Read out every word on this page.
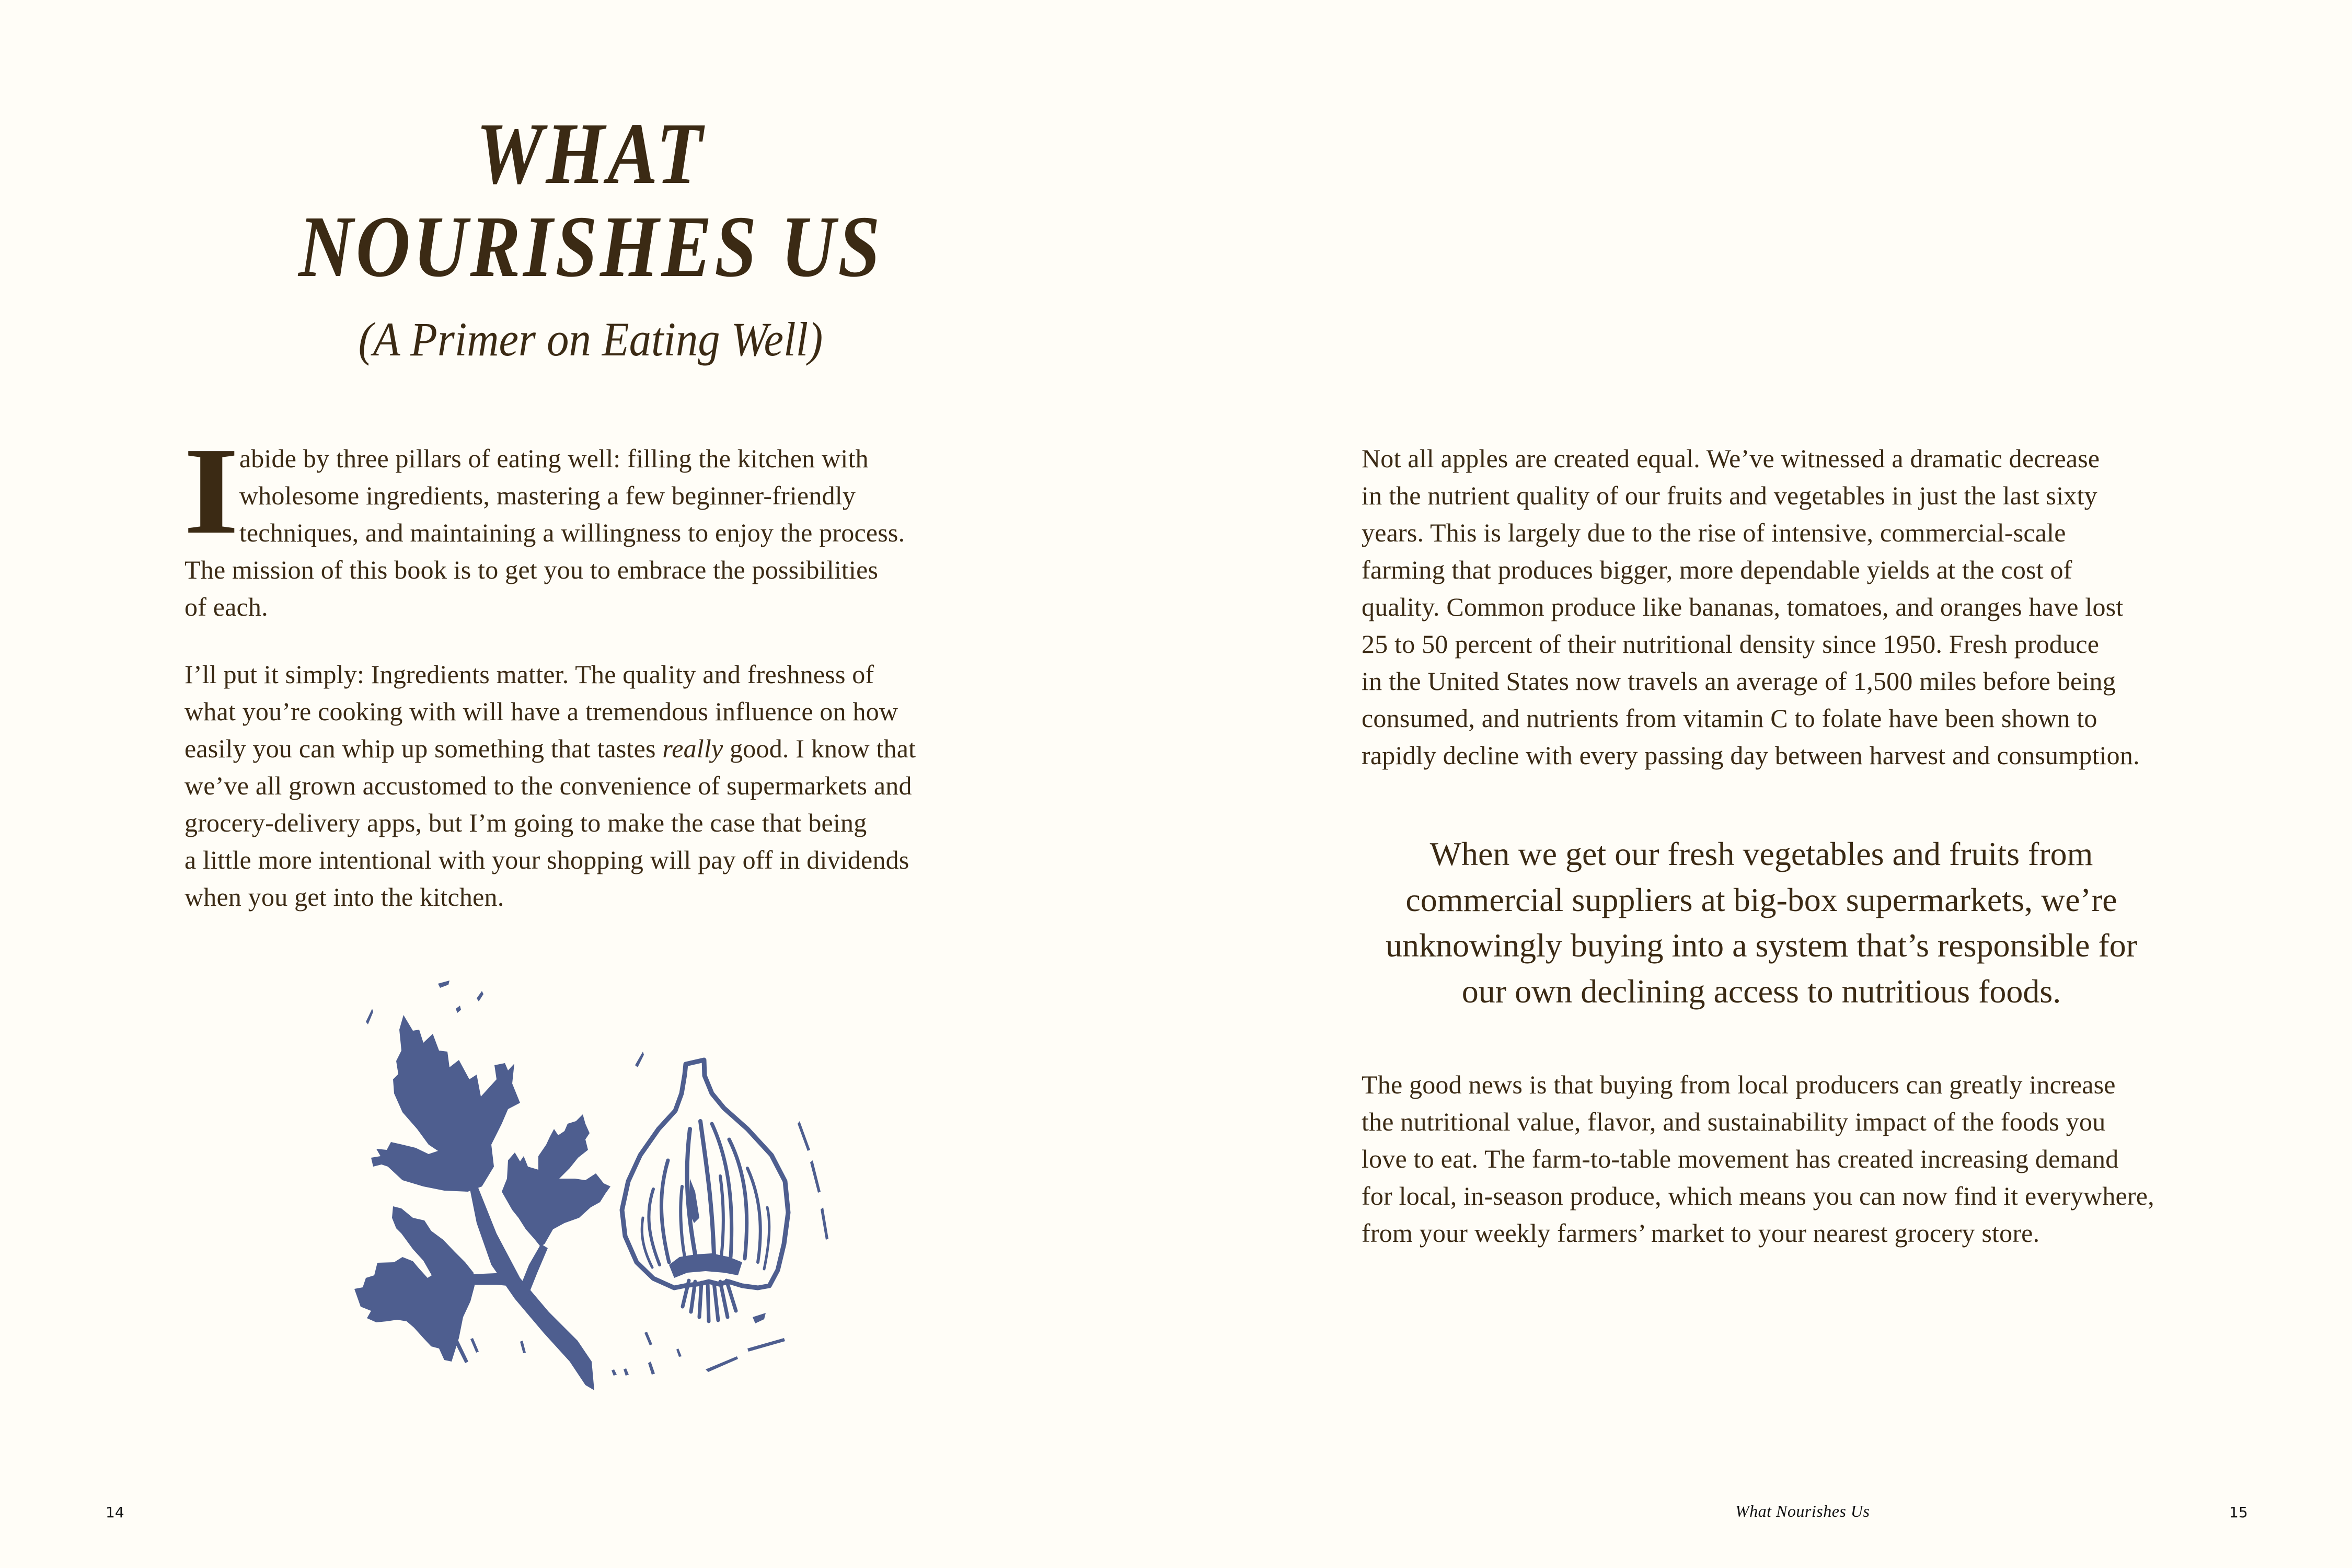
WHAT
NOURISHES US
(A Primer on Eating Well)

I abide by three pillars of eating well: filling the kitchen with
wholesome ingredients, mastering a few beginner-friendly
techniques, and maintaining a willingness to enjoy the process.
The mission of this book is to get you to embrace the possibilities
of each.

I’ll put it simply: Ingredients matter. The quality and freshness of
what you’re cooking with will have a tremendous influence on how
easily you can whip up something that tastes really good. I know that
we’ve all grown accustomed to the convenience of supermarkets and
grocery-delivery apps, but I’m going to make the case that being
a little more intentional with your shopping will pay off in dividends
when you get into the kitchen.

14

Not all apples are created equal. We’ve witnessed a dramatic decrease
in the nutrient quality of our fruits and vegetables in just the last sixty
years. This is largely due to the rise of intensive, commercial-scale
farming that produces bigger, more dependable yields at the cost of
quality. Common produce like bananas, tomatoes, and oranges have lost
25 to 50 percent of their nutritional density since 1950. Fresh produce
in the United States now travels an average of 1,500 miles before being
consumed, and nutrients from vitamin C to folate have been shown to
rapidly decline with every passing day between harvest and consumption.

When we get our fresh vegetables and fruits from
commercial suppliers at big-box supermarkets, we’re
unknowingly buying into a system that’s responsible for
our own declining access to nutritious foods.
The good news is that buying from local producers can greatly increase
the nutritional value, flavor, and sustainability impact of the foods you
love to eat. The farm-to-table movement has created increasing demand
for local, in-season produce, which means you can now find it everywhere,
from your weekly farmers’ market to your nearest grocery store.
What Nourishes Us	15
